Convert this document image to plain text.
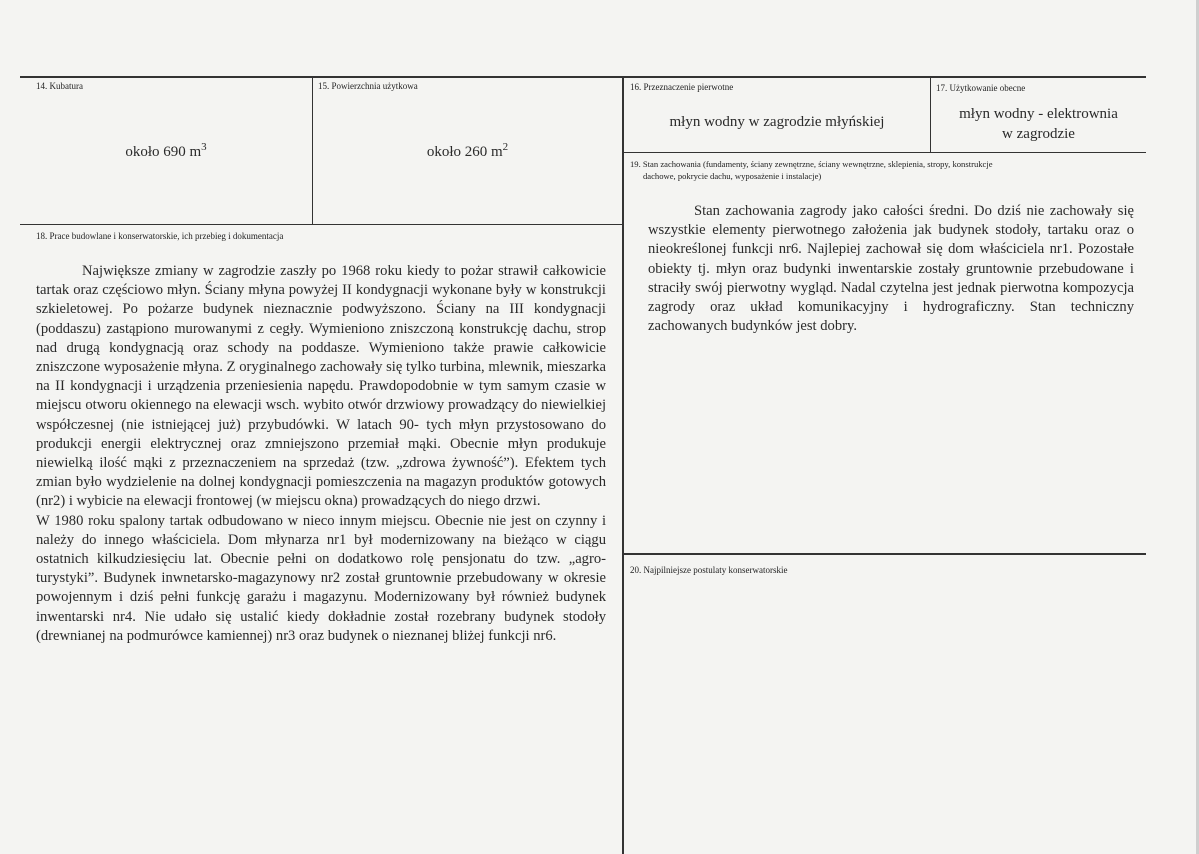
14. Kubatura
około 690 $m^3$
15. Powierzchnia użytkowa
około 260 $m^2$
16. Przeznaczenie pierwotne
młyn wodny w zagrodzie młyńskiej
17. Użytkowanie obecne
młyn wodny - elektrownia
w zagrodzie
19. Stan zachowania (fundamenty, ściany zewnętrzne, ściany wewnętrzne, sklepienia, stropy, konstrukcje
dachowe, pokrycie dachu, wyposażenie i instalacje)

Stan zachowania zagrody jako całości średni. Do dziś nie zachowały się wszystkie elementy pierwotnego założenia jak budynek stodoły, tartaku oraz o nieokreślonej funkcji nr6. Najlepiej zachował się dom właściciela nr1. Pozostałe obiekty tj. młyn oraz budynki inwentarskie zostały gruntownie przebudowane i straciły swój pierwotny wygląd. Nadal czytelna jest jednak pierwotna kompozycja zagrody oraz układ komunikacyjny i hydrograficzny. Stan techniczny zachowanych budynków jest dobry.

18. Prace budowlane i konserwatorskie, ich przebieg i dokumentacja

Największe zmiany w zagrodzie zaszły po 1968 roku kiedy to pożar strawił całkowicie tartak oraz częściowo młyn. Ściany młyna powyżej II kondygnacji wykonane były w konstrukcji szkieletowej. Po pożarze budynek nieznacznie podwyższono. Ściany na III kondygnacji (poddaszu) zastąpiono murowanymi z cegły. Wymieniono zniszczoną konstrukcję dachu, strop nad drugą kondygnacją oraz schody na poddasze. Wymieniono także prawie całkowicie zniszczone wyposażenie młyna. Z oryginalnego zachowały się tylko turbina, mlewnik, mieszarka na II kondygnacji i urządzenia przeniesienia napędu. Prawdopodobnie w tym samym czasie w miejscu otworu okiennego na elewacji wsch. wybito otwór drzwiowy prowadzący do niewielkiej współczesnej (nie istniejącej już) przybudówki. W latach 90- tych młyn przystosowano do produkcji energii elektrycznej oraz zmniejszono przemiał mąki. Obecnie młyn produkuje niewielką ilość mąki z przeznaczeniem na sprzedaż (tzw. „zdrowa żywność”). Efektem tych zmian było wydzielenie na dolnej kondygnacji pomieszczenia na magazyn produktów gotowych (nr2) i wybicie na elewacji frontowej (w miejscu okna) prowadzących do niego drzwi.

W 1980 roku spalony tartak odbudowano w nieco innym miejscu. Obecnie nie jest on czynny i należy do innego właściciela. Dom młynarza nr1 był modernizowany na bieżąco w ciągu ostatnich kilkudziesięciu lat. Obecnie pełni on dodatkowo rolę pensjonatu do tzw. „agro- turystyki”. Budynek inwnetarsko-magazynowy nr2 został gruntownie przebudowany w okresie powojennym i dziś pełni funkcję garażu i magazynu. Modernizowany był również budynek inwentarski nr4. Nie udało się ustalić kiedy dokładnie został rozebrany budynek stodoły (drewnianej na podmurówce kamiennej) nr3 oraz budynek o nieznanej bliżej funkcji nr6.

20. Najpilniejsze postulaty konserwatorskie
